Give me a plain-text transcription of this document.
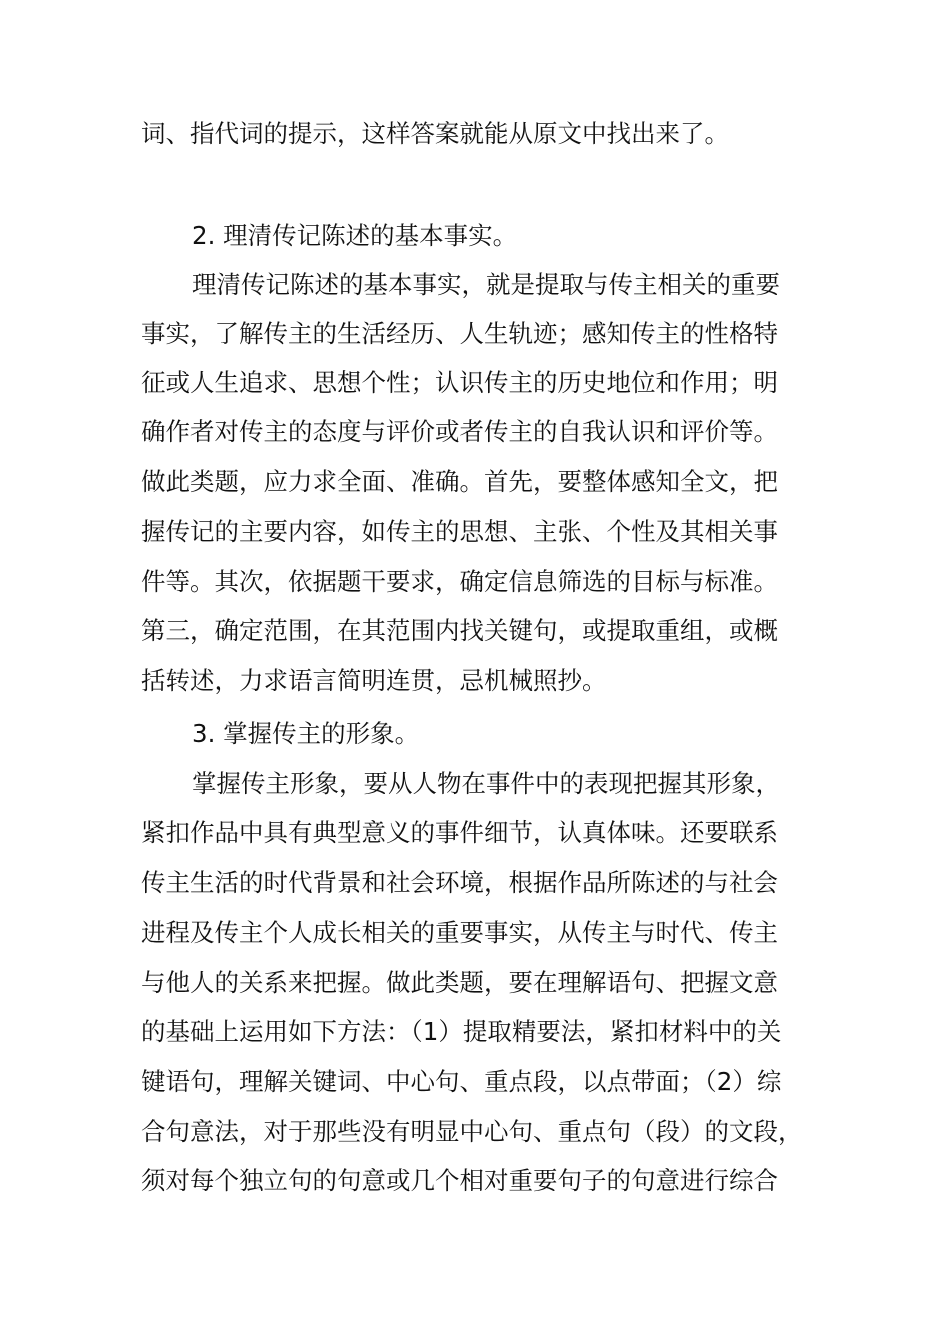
词、指代词的提示，这样答案就能从原文中找出来了。
2. 理清传记陈述的基本事实。
理清传记陈述的基本事实，就是提取与传主相关的重要
事实，了解传主的生活经历、人生轨迹；感知传主的性格特
征或人生追求、思想个性；认识传主的历史地位和作用；明
确作者对传主的态度与评价或者传主的自我认识和评价等。
做此类题，应力求全面、准确。首先，要整体感知全文，把
握传记的主要内容，如传主的思想、主张、个性及其相关事
件等。其次，依据题干要求，确定信息筛选的目标与标准。
第三，确定范围，在其范围内找关键句，或提取重组，或概
括转述，力求语言简明连贯，忌机械照抄。
3. 掌握传主的形象。
掌握传主形象，要从人物在事件中的表现把握其形象，
紧扣作品中具有典型意义的事件细节，认真体味。还要联系
传主生活的时代背景和社会环境，根据作品所陈述的与社会
进程及传主个人成长相关的重要事实，从传主与时代、传主
与他人的关系来把握。做此类题，要在理解语句、把握文意
的基础上运用如下方法：（1）提取精要法，紧扣材料中的关
键语句，理解关键词、中心句、重点段，以点带面；（2）综
合句意法，对于那些没有明显中心句、重点句（段）的文段，
须对每个独立句的句意或几个相对重要句子的句意进行综合
